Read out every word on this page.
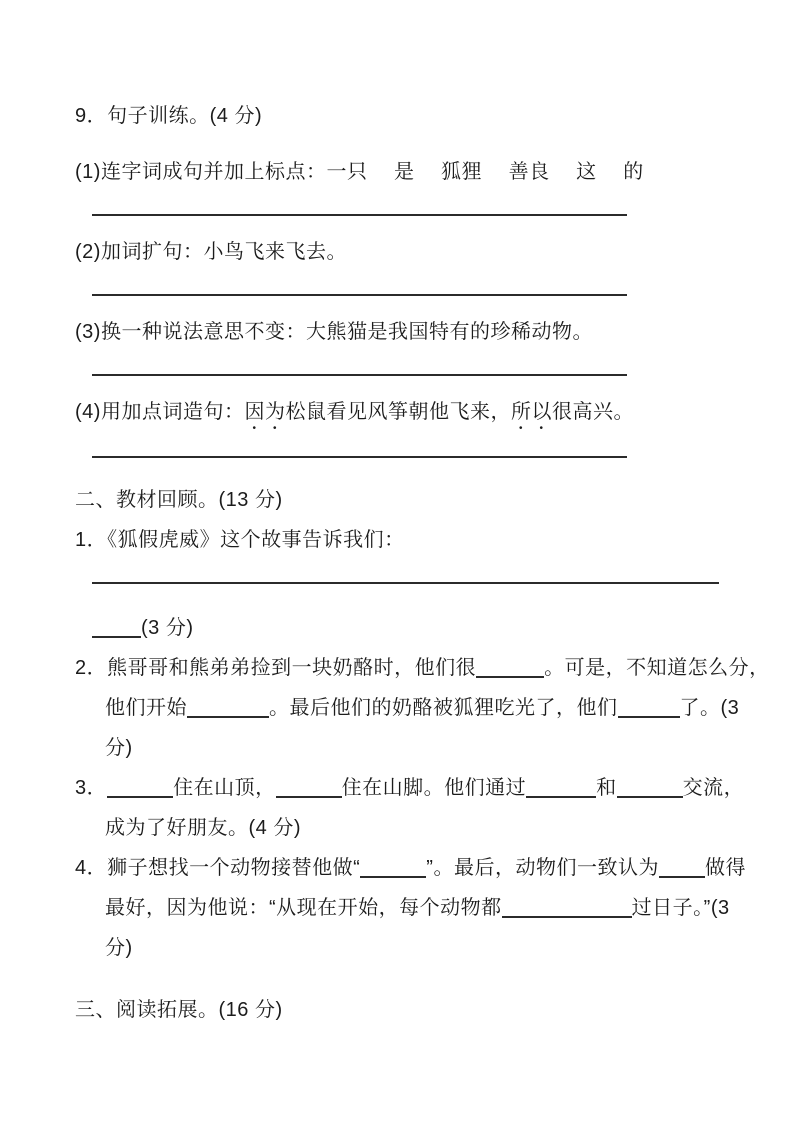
9．句子训练。(4 分)
(1)连字词成句并加上标点：一只　 是　 狐狸　 善良　 这　 的
(2)加词扩句：小鸟飞来飞去。
(3)换一种说法意思不变：大熊猫是我国特有的珍稀动物。
(4)用加点词造句：因为松鼠看见风筝朝他飞来，所以很高兴。
二、教材回顾。(13 分)
1．《狐假虎威》这个故事告诉我们：
(3 分)
2．熊哥哥和熊弟弟捡到一块奶酪时，他们很	。可是，不知道怎么分，
他们开始	。最后他们的奶酪被狐狸吃光了，他们	了。(3
分)
3．	住在山顶，	住在山脚。他们通过	和	交流，
成为了好朋友。(4 分)
4．狮子想找一个动物接替他做“	”。最后，动物们一致认为 做得
最好，因为他说：“从现在开始，每个动物都	过日子。”(3
分)
三、阅读拓展。(16 分)
